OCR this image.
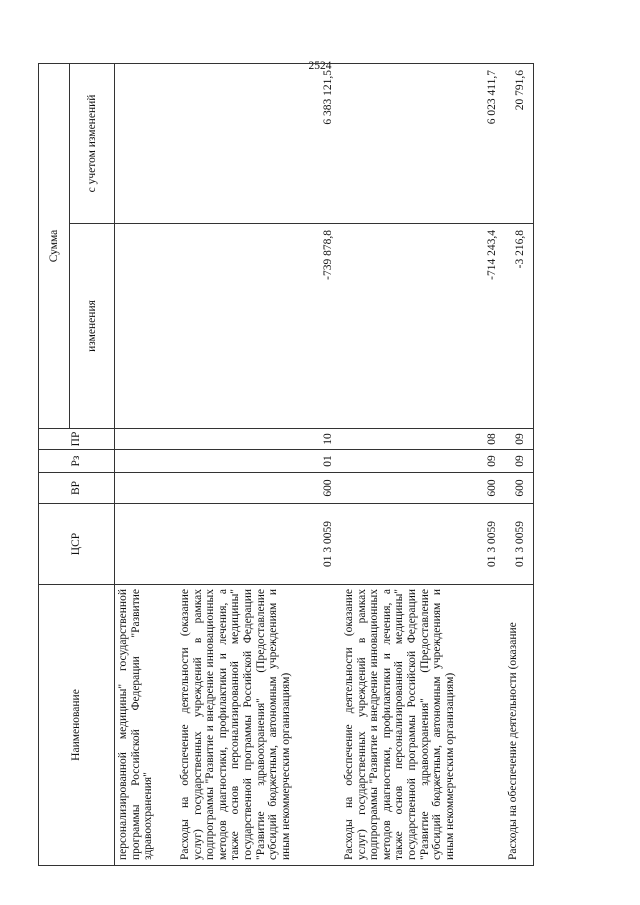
2524
Наименование	ЦСР	ВР	Рз	ПР	Сумма	
					изменения	с учетом изменений
персонализированной медицины" государственной программы Российской Федерации "Развитие здравоохранения"						
Расходы на обеспечение деятельности (оказание услуг) государственных учреждений в рамках подпрограммы "Развитие и внедрение инновационных методов диагностики, профилактики и лечения, а также основ персонализированной медицины" государственной программы Российской Федерации "Развитие здравоохранения" (Предоставление субсидий бюджетным, автономным учреждениям и иным некоммерческим организациям)	01 3 0059	600	01	10	-739 878,8	6 383 121,5
Расходы на обеспечение деятельности (оказание услуг) государственных учреждений в рамках подпрограммы "Развитие и внедрение инновационных методов диагностики, профилактики и лечения, а также основ персонализированной медицины" государственной программы Российской Федерации "Развитие здравоохранения" (Предоставление субсидий бюджетным, автономным учреждениям и иным некоммерческим организациям)	01 3 0059	600	09	08	-714 243,4	6 023 411,7
Расходы на обеспечение деятельности (оказание	01 3 0059	600	09	09	-3 216,8	20 791,6
